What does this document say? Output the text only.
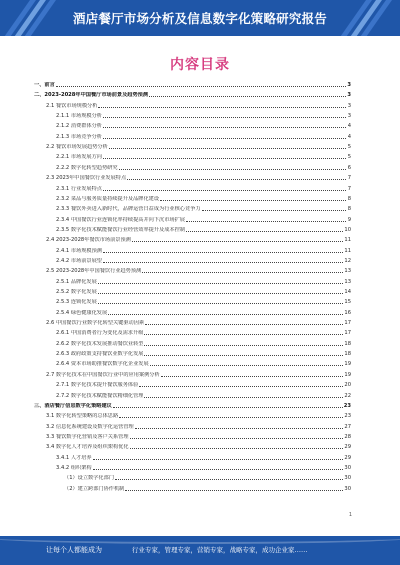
酒店餐厅市场分析及信息数字化策略研究报告
内容目录
一、前言	3
二、2023-2028年中国餐厅市场前景及趋势预测	3
2.1 餐饮市场规模分析	3
2.1.1 市场规模分析	3
2.1.2 消费群体分析	4
2.1.3 市场竞争分析	4
2.2 餐饮市场发展趋势分析	5
2.2.1 市场发展方向	5
2.2.2 数字化转型趋势研究	6
2.3 2023年中国餐饮行业发展特点	7
2.3.1 行业发展特点	7
2.3.2 菜品与服务质量持续提升及品牌化建设	8
2.3.3 餐饮外卖进入新时代，品牌运营日益成为行业核心竞争力	8
2.3.4 中国餐饮行业连锁化率持续提高并向下沉市场扩展	9
2.3.5 数字化技术赋能餐饮行业经营效率提升及成本控制	10
2.4 2023-2028年餐饮市场前景预测	11
2.4.1 市场规模预测	11
2.4.2 市场前景展望	12
2.5 2023-2028年中国餐饮行业趋势预测	13
2.5.1 品牌化发展	13
2.5.2 数字化发展	14
2.5.3 连锁化发展	15
2.5.4 绿色健康化发展	16
2.6 中国餐饮行业数字化转型关键驱动因素	17
2.6.1 中国消费者行为变化及需求升级	17
2.6.2 数字化技术发展推动餐饮业转型	18
2.6.3 政府政策支持餐饮业数字化发展	18
2.6.4 资本市场助推餐饮数字化企业发展	19
2.7 数字化技术在中国餐饮行业中的应用案例分析	19
2.7.1 数字化技术提升餐饮服务体验	20
2.7.2 数字化技术赋能餐饮精细化管理	22
三、酒店餐厅信息数字化策略建议	23
3.1 数字化转型策略的总体思路	23
3.2 信息化系统建设及数字化运营管理	27
3.3 餐饮数字化营销及客户关系管理	28
3.4 数字化人才培养及组织架构优化	29
3.4.1 人才培养	29
3.4.2 组织架构	30
（1）设立数字化部门	30
（2）建立跨部门协作机制	30
1
让每个人都能成为	行业专家，管理专家，营销专家，战略专家，成功企业家……
